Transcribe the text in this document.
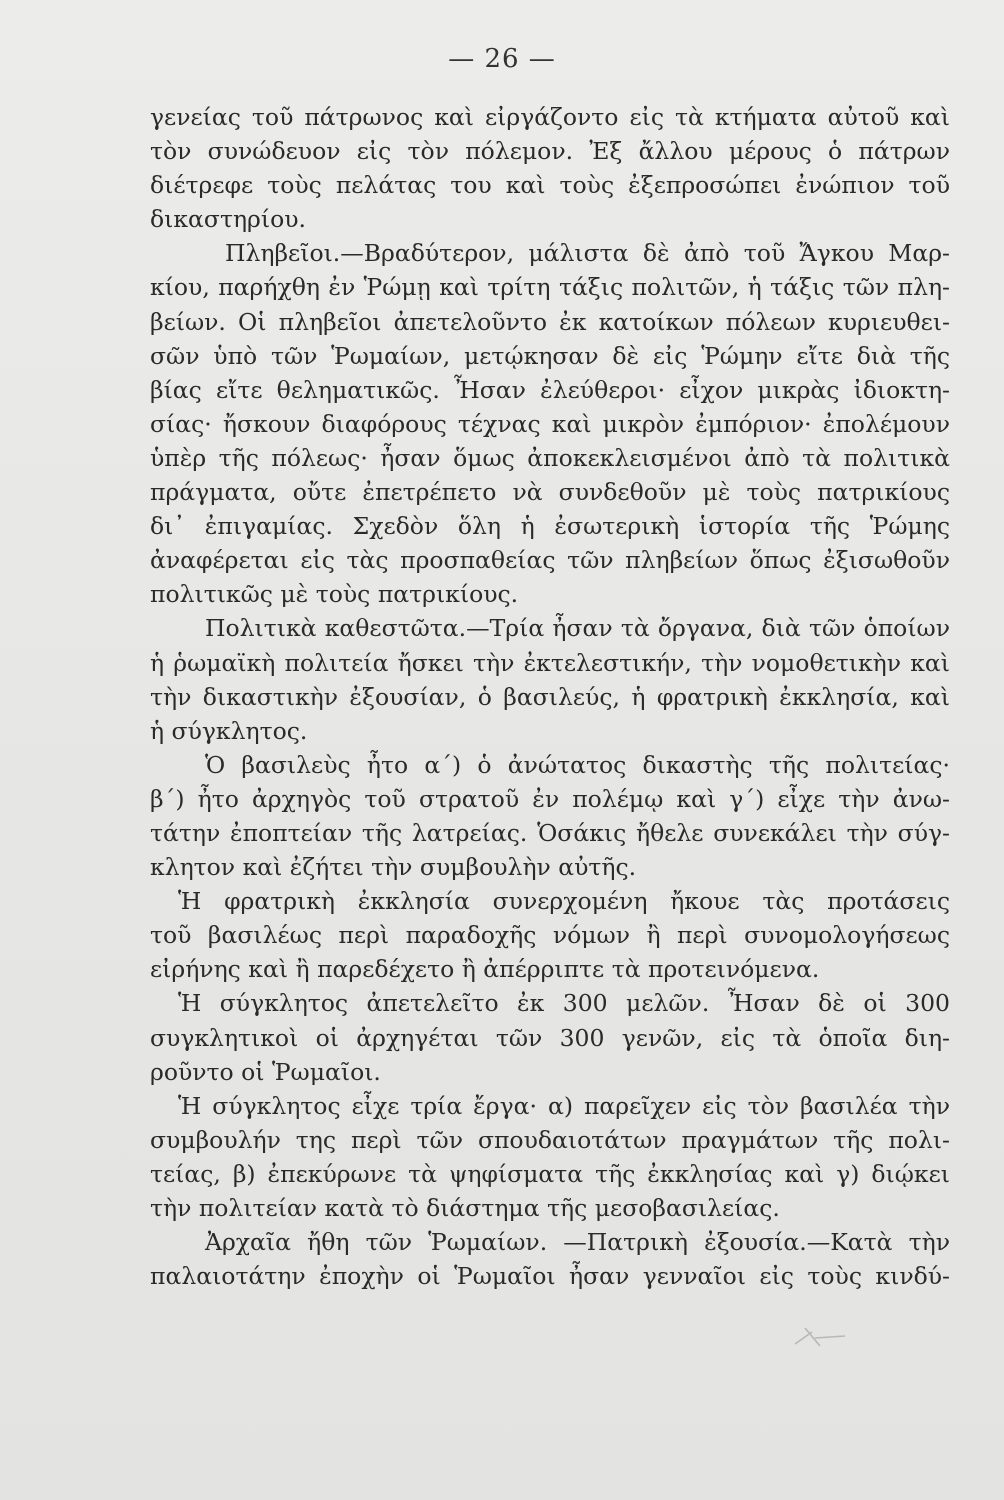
— 26 —
γενείας τοῦ πάτρωνος καὶ εἰργάζοντο εἰς τὰ κτήματα αὐτοῦ καὶ
τὸν συνώδευον εἰς τὸν πόλεμον. Ἐξ ἄλλου μέρους ὁ πάτρων
διέτρεφε τοὺς πελάτας του καὶ τοὺς ἐξεπροσώπει ἐνώπιον τοῦ
δικαστηρίου.
Πληβεῖοι.—Βραδύτερον, μάλιστα δὲ ἀπὸ τοῦ Ἄγκου Μαρ-
κίου, παρήχθη ἐν Ῥώμῃ καὶ τρίτη τάξις πολιτῶν, ἡ τάξις τῶν πλη-
βείων. Οἱ πληβεῖοι ἀπετελοῦντο ἐκ κατοίκων πόλεων κυριευθει-
σῶν ὑπὸ τῶν Ῥωμαίων, μετῴκησαν δὲ εἰς Ῥώμην εἴτε διὰ τῆς
βίας εἴτε θεληματικῶς. Ἦσαν ἐλεύθεροι· εἶχον μικρὰς ἰδιοκτη-
σίας· ἤσκουν διαφόρους τέχνας καὶ μικρὸν ἐμπόριον· ἐπολέμουν
ὑπὲρ τῆς πόλεως· ἦσαν ὅμως ἀποκεκλεισμένοι ἀπὸ τὰ πολιτικὰ
πράγματα, οὔτε ἐπετρέπετο νὰ συνδεθοῦν μὲ τοὺς πατρικίους
δι᾽ ἐπιγαμίας. Σχεδὸν ὅλη ἡ ἐσωτερικὴ ἱστορία τῆς Ῥώμης
ἀναφέρεται εἰς τὰς προσπαθείας τῶν πληβείων ὅπως ἐξισωθοῦν
πολιτικῶς μὲ τοὺς πατρικίους.
Πολιτικὰ καθεστῶτα.—Τρία ἦσαν τὰ ὄργανα, διὰ τῶν ὁποίων
ἡ ῥωμαϊκὴ πολιτεία ἤσκει τὴν ἐκτελεστικήν, τὴν νομοθετικὴν καὶ
τὴν δικαστικὴν ἐξουσίαν, ὁ βασιλεύς, ἡ φρατρικὴ ἐκκλησία, καὶ
ἡ σύγκλητος.
Ὁ βασιλεὺς ἦτο α΄) ὁ ἀνώτατος δικαστὴς τῆς πολιτείας·
β΄) ἦτο ἀρχηγὸς τοῦ στρατοῦ ἐν πολέμῳ καὶ γ΄) εἶχε τὴν ἀνω-
τάτην ἐποπτείαν τῆς λατρείας. Ὁσάκις ἤθελε συνεκάλει τὴν σύγ-
κλητον καὶ ἐζήτει τὴν συμβουλὴν αὐτῆς.
Ἡ φρατρικὴ ἐκκλησία συνερχομένη ἤκουε τὰς προτάσεις
τοῦ βασιλέως περὶ παραδοχῆς νόμων ἢ περὶ συνομολογήσεως
εἰρήνης καὶ ἢ παρεδέχετο ἢ ἀπέρριπτε τὰ προτεινόμενα.
Ἡ σύγκλητος ἀπετελεῖτο ἐκ 300 μελῶν. Ἦσαν δὲ οἱ 300
συγκλητικοὶ οἱ ἀρχηγέται τῶν 300 γενῶν, εἰς τὰ ὁποῖα διη-
ροῦντο οἱ Ῥωμαῖοι.
Ἡ σύγκλητος εἶχε τρία ἔργα· α) παρεῖχεν εἰς τὸν βασιλέα τὴν
συμβουλήν της περὶ τῶν σπουδαιοτάτων πραγμάτων τῆς πολι-
τείας, β) ἐπεκύρωνε τὰ ψηφίσματα τῆς ἐκκλησίας καὶ γ) διῴκει
τὴν πολιτείαν κατὰ τὸ διάστημα τῆς μεσοβασιλείας.
Ἀρχαῖα ἤθη τῶν Ῥωμαίων. —Πατρικὴ ἐξουσία.—Κατὰ τὴν
παλαιοτάτην ἐποχὴν οἱ Ῥωμαῖοι ἦσαν γενναῖοι εἰς τοὺς κινδύ-
